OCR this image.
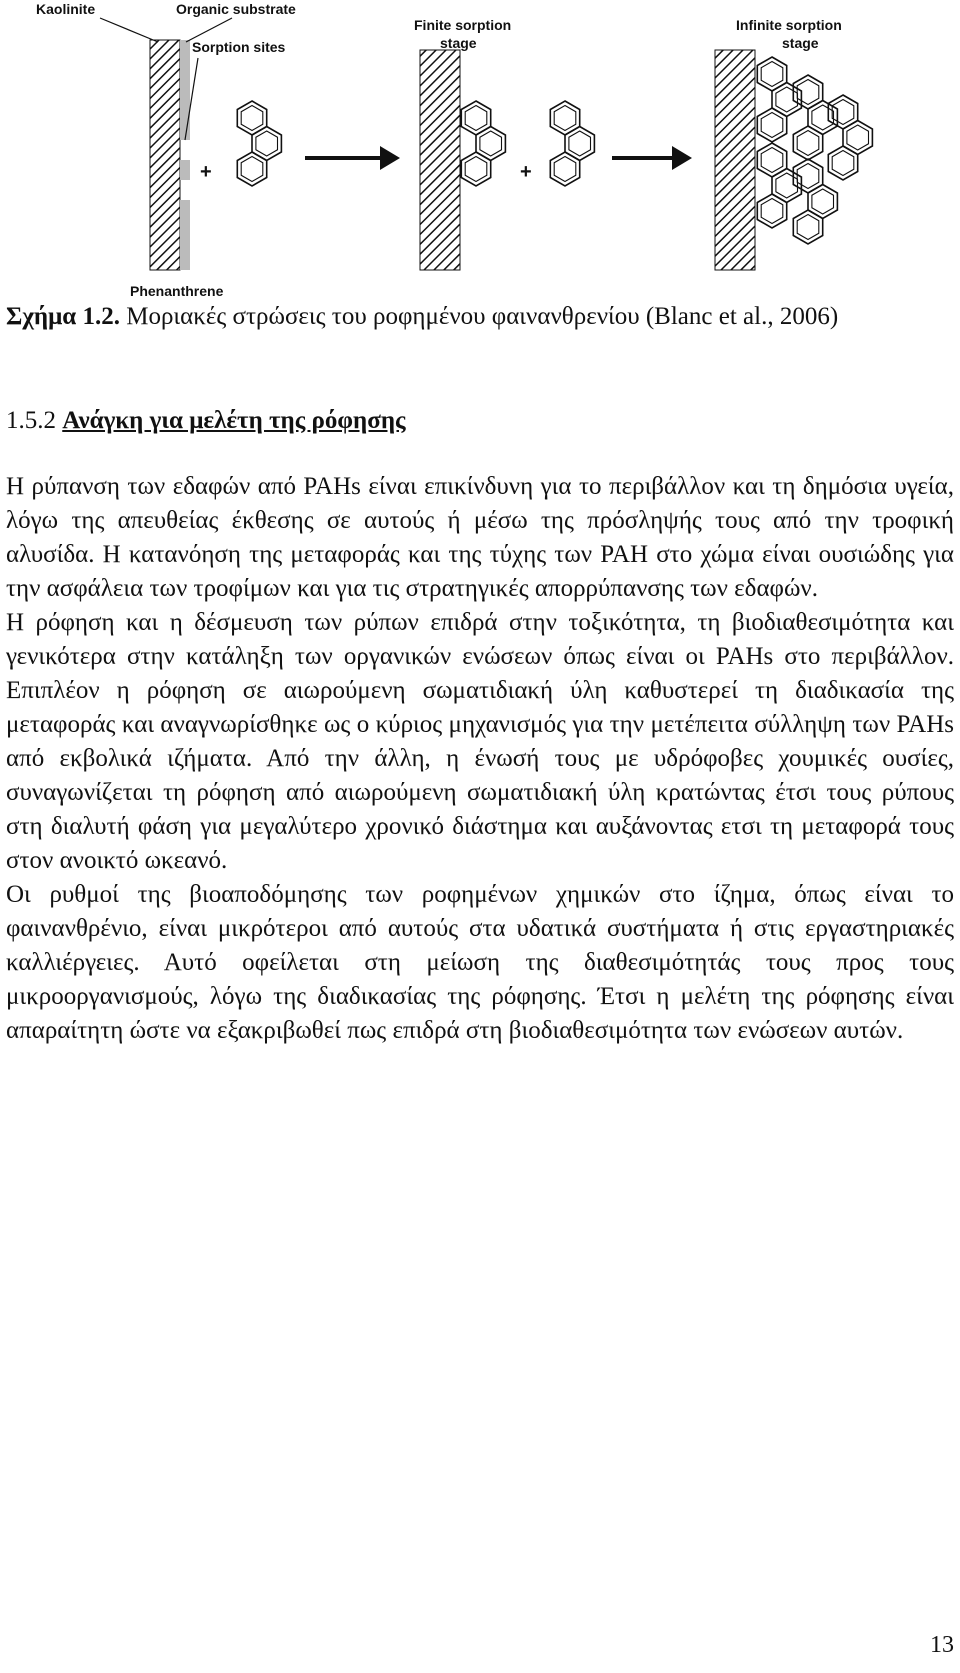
Kaolinite	Organic substrate
Sorption sites
Phenanthrene
+
Finite sorption
stage
+
Infinite sorption
stage
Σχήμα 1.2. Μοριακές στρώσεις του ροφημένου φαινανθρενίου (Blanc et al., 2006)
1.5.2 Ανάγκη για μελέτη της ρόφησης

Η ρύπανση των εδαφών από PAHs είναι επικίνδυνη για το περιβάλλον και τη δημόσια υγεία, λόγω της απευθείας έκθεσης σε αυτούς ή μέσω της πρόσληψής τους από την τροφική αλυσίδα. Η κατανόηση της μεταφοράς και της τύχης των PAH στο χώμα είναι ουσιώδης για την ασφάλεια των τροφίμων και για τις στρατηγικές απορρύπανσης των εδαφών.

Η ρόφηση και η δέσμευση των ρύπων επιδρά στην τοξικότητα, τη βιοδιαθεσιμότητα και γενικότερα στην κατάληξη των οργανικών ενώσεων όπως είναι οι PAHs στο περιβάλλον. Επιπλέον η ρόφηση σε αιωρούμενη σωματιδιακή ύλη καθυστερεί τη διαδικασία της μεταφοράς και αναγνωρίσθηκε ως ο κύριος μηχανισμός για την μετέπειτα σύλληψη των PAHs από εκβολικά ιζήματα. Από την άλλη, η ένωσή τους με υδρόφοβες χουμικές ουσίες, συναγωνίζεται τη ρόφηση από αιωρούμενη σωματιδιακή ύλη κρατώντας έτσι τους ρύπους στη διαλυτή φάση για μεγαλύτερο χρονικό διάστημα και αυξάνοντας ετσι τη μεταφορά τους στον ανοικτό ωκεανό.

Οι ρυθμοί της βιοαποδόμησης των ροφημένων χημικών στο ίζημα, όπως είναι το φαινανθρένιο, είναι μικρότεροι από αυτούς στα υδατικά συστήματα ή στις εργαστηριακές καλλιέργειες. Αυτό οφείλεται στη μείωση της διαθεσιμότητάς τους προς τους μικροοργανισμούς, λόγω της διαδικασίας της ρόφησης. Έτσι η μελέτη της ρόφησης είναι απαραίτητη ώστε να εξακριβωθεί πως επιδρά στη βιοδιαθεσιμότητα των ενώσεων αυτών.

13
